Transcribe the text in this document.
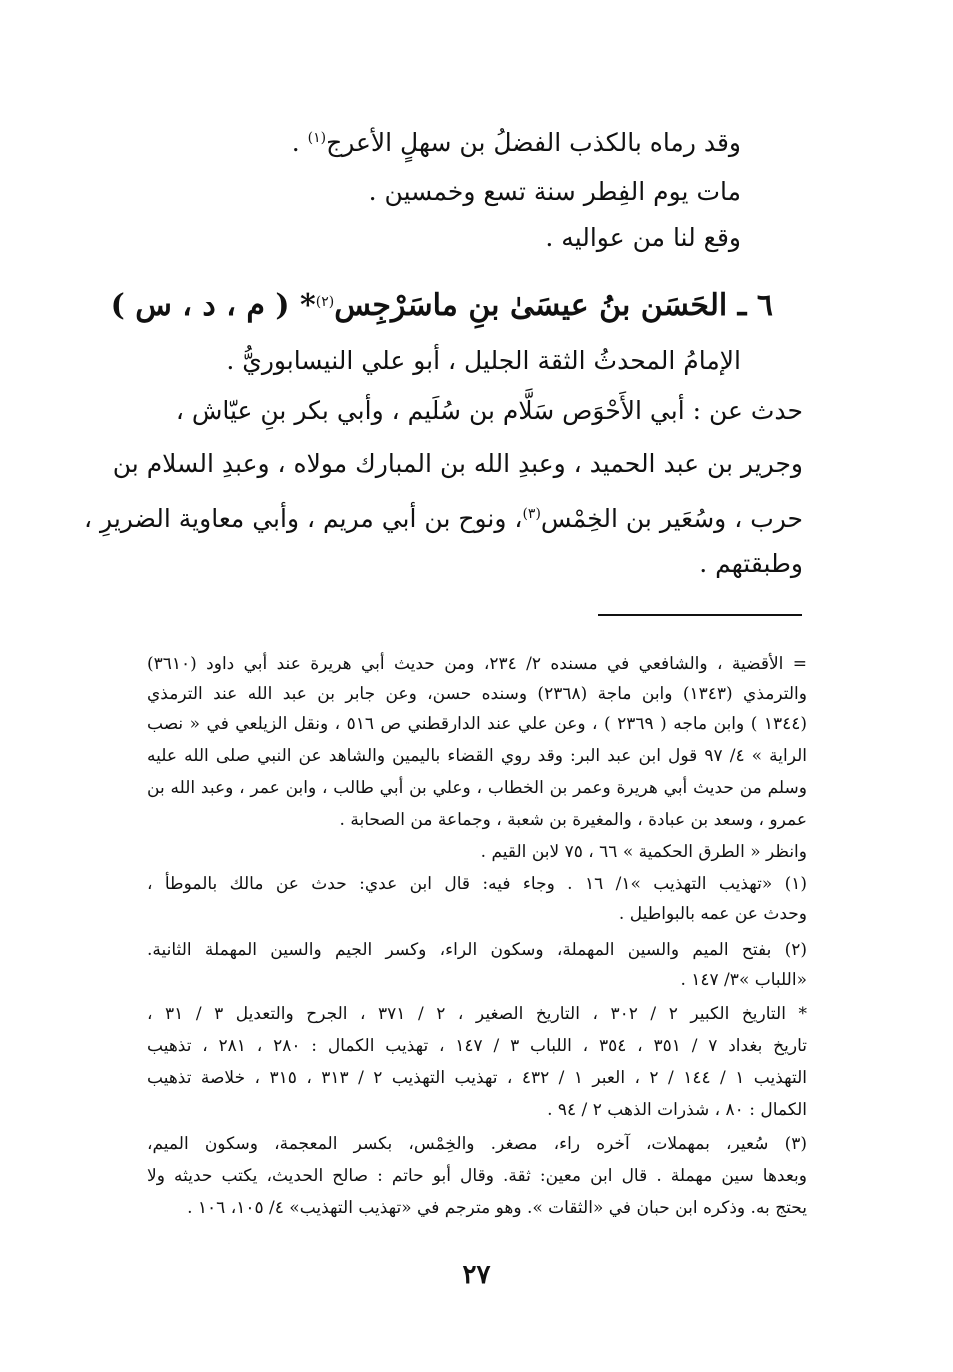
وقد رماه بالكذب الفضلُ بن سهلٍ الأعرج$^{(١)}$ .
مات يوم الفِطر سنة تسع وخمسين .
وقع لنا من عواليه .
٦ ـ الحَسَن بنُ عيسَىٰ بنِ ماسَرْجِس$^{(٢)}$* ( م ، د ، س )
الإمامُ المحدثُ الثقة الجليل ، أبو علي النيسابوريُّ .
حدث عن : أبي الأَحْوَص سَلَّام بن سُلَيم ، وأبي بكر بنِ عيّاش ،
وجرير بن عبد الحميد ، وعبدِ الله بن المبارك مولاه ، وعبدِ السلام بن
حرب ، وسُعَير بن الخِمْس$^{(٣)}$، ونوح بن أبي مريم ، وأبي معاوية الضريرِ ،
وطبقتهم .
= الأقضية ، والشافعي في مسنده ٢/ ٢٣٤، ومن حديث أبي هريرة عند أبي داود (٣٦١٠)
والترمذي (١٣٤٣) وابن ماجة (٢٣٦٨) وسنده حسن، وعن جابر بن عبد الله عند الترمذي
(١٣٤٤ ) وابن ماجه ( ٢٣٦٩ ) ، وعن علي عند الدارقطني ص ٥١٦ ، ونقل الزيلعي في « نصب
الراية » ٤/ ٩٧ قول ابن عبد البر: وقد روي القضاء باليمين والشاهد عن النبي صلى الله عليه
وسلم من حديث أبي هريرة وعمر بن الخطاب ، وعلي بن أبي طالب ، وابن عمر ، وعبد الله بن
عمرو ، وسعد بن عبادة ، والمغيرة بن شعبة ، وجماعة من الصحابة .
وانظر « الطرق الحكمية » ٦٦ ، ٧٥ لابن القيم .
(١) «تهذيب التهذيب »١/ ١٦ . وجاء فيه: قال ابن عدي: حدث عن مالك بالموطأ ،
وحدث عن عمه بالبواطيل .
(٢) بفتح الميم والسين المهملة، وسكون الراء، وكسر الجيم والسين المهملة الثانية.
«اللباب »٣/ ١٤٧ .
* التاريخ الكبير ٢ / ٣٠٢ ، التاريخ الصغير ، ٢ / ٣٧١ ، الجرح والتعديل ٣ / ٣١ ،
تاريخ بغداد ٧ / ٣٥١ ، ٣٥٤ ، اللباب ٣ / ١٤٧ ، تهذيب الكمال : ٢٨٠ ، ٢٨١ ، تذهيب
التهذيب ١ / ١٤٤ / ٢ ، العبر ١ / ٤٣٢ ، تهذيب التهذيب ٢ / ٣١٣ ، ٣١٥ ، خلاصة تذهيب
الكمال : ٨٠ ، شذرات الذهب ٢ / ٩٤ .
(٣) سُعير، بمهملات، آخره راء، مصغر. والخِمْس، بكسر المعجمة، وسكون الميم،
وبعدها سين مهملة . قال ابن معين: ثقة. وقال أبو حاتم : صالح الحديث، يكتب حديثه ولا
يحتج به. وذكره ابن حبان في «الثقات ». وهو مترجم في «تهذيب التهذيب» ٤/ ١٠٥، ١٠٦ .
٢٧
